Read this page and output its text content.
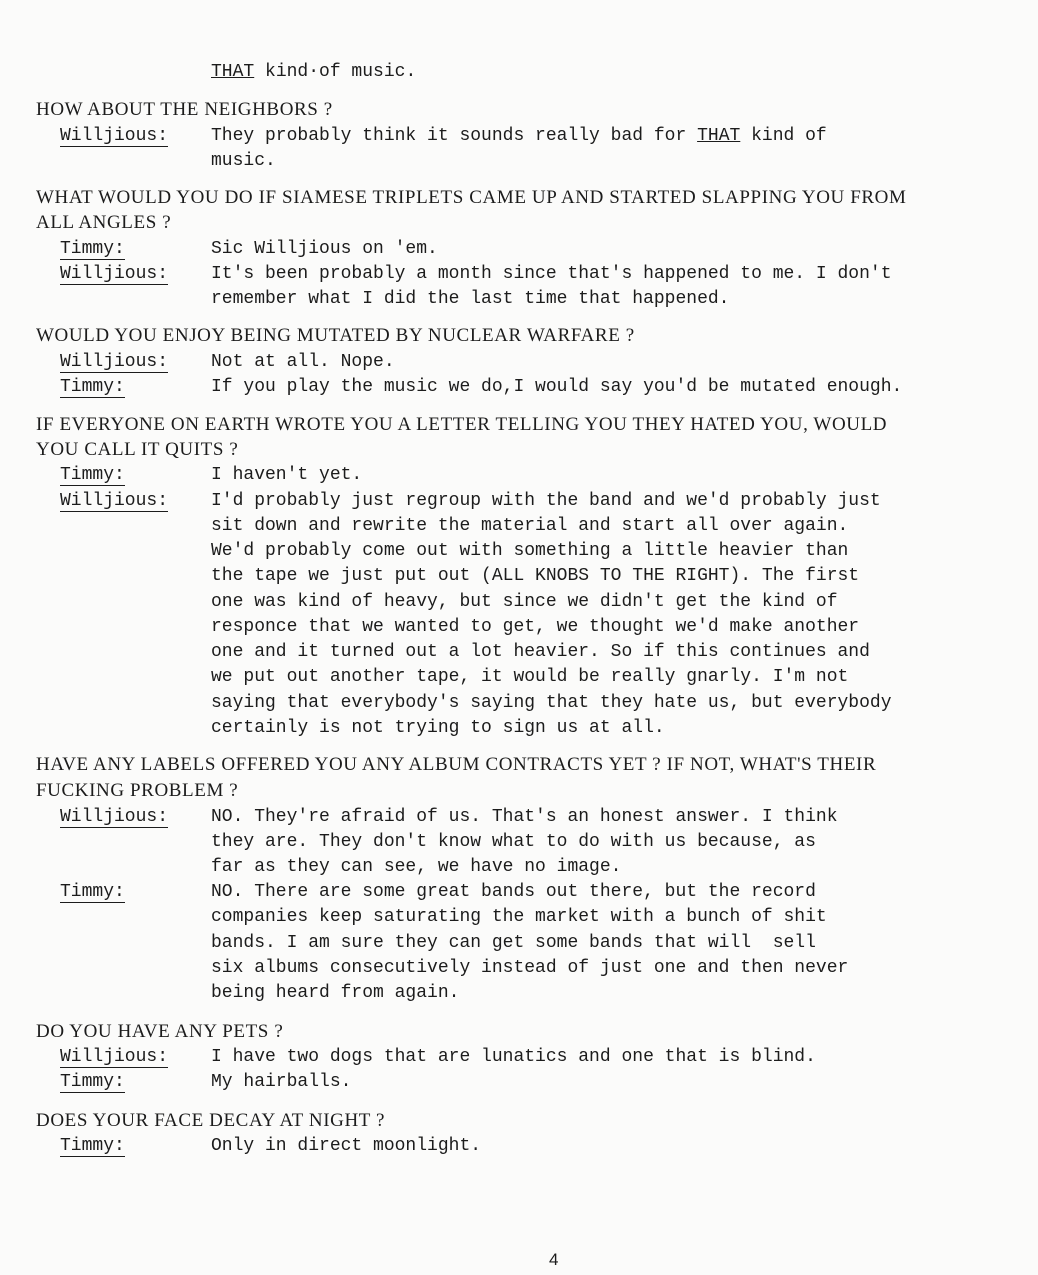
THAT kind·of music.
HOW ABOUT THE NEIGHBORS ?
Willjious: They probably think it sounds really bad for THAT kind of
music.
WHAT WOULD YOU DO IF SIAMESE TRIPLETS CAME UP AND STARTED SLAPPING YOU FROM
ALL ANGLES ?
Timmy:	Sic Willjious on 'em.
Willjious: It's been probably a month since that's happened to me. I don't
remember what I did the last time that happened.
WOULD YOU ENJOY BEING MUTATED BY NUCLEAR WARFARE ?
Willjious: Not at all. Nope.
Timmy:	If you play the music we do,I would say you'd be mutated enough.
IF EVERYONE ON EARTH WROTE YOU A LETTER TELLING YOU THEY HATED YOU, WOULD
YOU CALL IT QUITS ?
Timmy:	I haven't yet.
Willjious: I'd probably just regroup with the band and we'd probably just
sit down and rewrite the material and start all over again.
We'd probably come out with something a little heavier than
the tape we just put out (ALL KNOBS TO THE RIGHT). The first
one was kind of heavy, but since we didn't get the kind of
responce that we wanted to get, we thought we'd make another
one and it turned out a lot heavier. So if this continues and
we put out another tape, it would be really gnarly. I'm not
saying that everybody's saying that they hate us, but everybody
certainly is not trying to sign us at all.
HAVE ANY LABELS OFFERED YOU ANY ALBUM CONTRACTS YET ? IF NOT, WHAT'S THEIR
FUCKING PROBLEM ?
Willjious: NO. They're afraid of us. That's an honest answer. I think
they are. They don't know what to do with us because, as
far as they can see, we have no image.
Timmy:	NO. There are some great bands out there, but the record
companies keep saturating the market with a bunch of shit
bands. I am sure they can get some bands that will  sell
six albums consecutively instead of just one and then never
being heard from again.
DO YOU HAVE ANY PETS ?
Willjious: I have two dogs that are lunatics and one that is blind.
Timmy:	My hairballs.
DOES YOUR FACE DECAY AT NIGHT ?
Timmy:	Only in direct moonlight.
4
